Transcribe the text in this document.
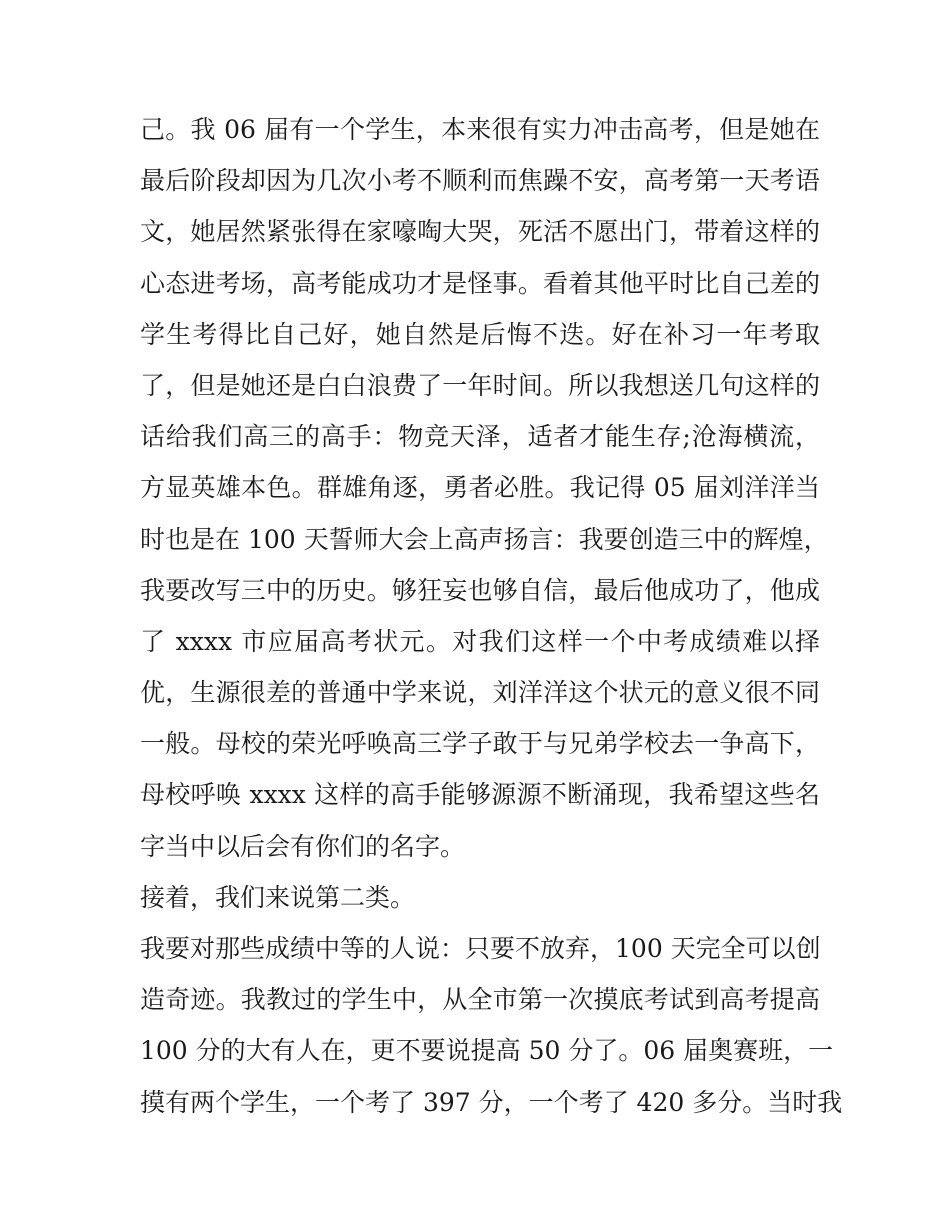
己。我 06 届有一个学生，本来很有实力冲击高考，但是她在
最后阶段却因为几次小考不顺利而焦躁不安，高考第一天考语
文，她居然紧张得在家嚎啕大哭，死活不愿出门，带着这样的
心态进考场，高考能成功才是怪事。看着其他平时比自己差的
学生考得比自己好，她自然是后悔不迭。好在补习一年考取
了，但是她还是白白浪费了一年时间。所以我想送几句这样的
话给我们高三的高手：物竞天泽，适者才能生存;沧海横流，
方显英雄本色。群雄角逐，勇者必胜。我记得 05 届刘洋洋当
时也是在 100 天誓师大会上高声扬言：我要创造三中的辉煌，
我要改写三中的历史。够狂妄也够自信，最后他成功了，他成
了 xxxx 市应届高考状元。对我们这样一个中考成绩难以择
优，生源很差的普通中学来说，刘洋洋这个状元的意义很不同
一般。母校的荣光呼唤高三学子敢于与兄弟学校去一争高下，
母校呼唤 xxxx 这样的高手能够源源不断涌现，我希望这些名
字当中以后会有你们的名字。
接着，我们来说第二类。
我要对那些成绩中等的人说：只要不放弃，100 天完全可以创
造奇迹。我教过的学生中，从全市第一次摸底考试到高考提高
100 分的大有人在，更不要说提高 50 分了。06 届奥赛班，一
摸有两个学生，一个考了 397 分，一个考了 420 多分。当时我
